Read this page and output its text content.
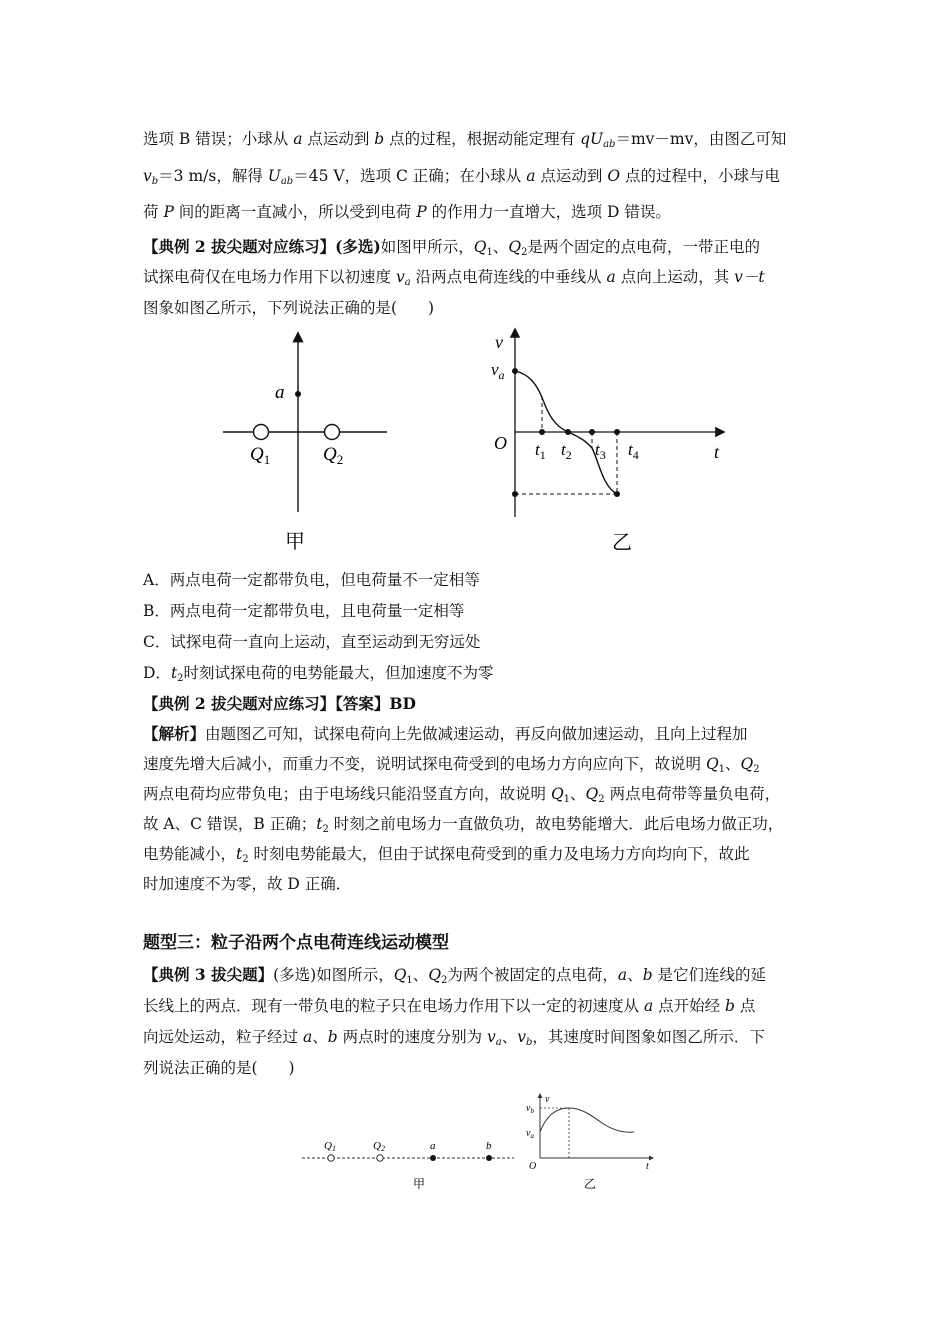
选项 B 错误；小球从 a 点运动到 b 点的过程，根据动能定理有 $qU_{ab}=mv-mv$，由图乙可知
$v_b=3$ m/s，解得 $U_{ab}=45$ V，选项 C 正确；在小球从 a 点运动到 O 点的过程中，小球与电
荷 P 间的距离一直减小，所以受到电荷 P 的作用力一直增大，选项 D 错误。
【典例 2 拔尖题对应练习】(多选)如图甲所示，$Q_1$、$Q_2$是两个固定的点电荷，一带正电的
试探电荷仅在电场力作用下以初速度 $v_a$ 沿两点电荷连线的中垂线从 a 点向上运动，其 v－t
图象如图乙所示，下列说法正确的是(　　)
a
$Q_1$	$Q_2$
甲
v
$v_a$
O	t
$t_1$ $t_2$ $t_3$ $t_4$
乙
A．两点电荷一定都带负电，但电荷量不一定相等
B．两点电荷一定都带负电，且电荷量一定相等
C．试探电荷一直向上运动，直至运动到无穷远处
D．$t_2$时刻试探电荷的电势能最大，但加速度不为零
【典例 2 拔尖题对应练习】【答案】BD
【解析】由题图乙可知，试探电荷向上先做减速运动，再反向做加速运动，且向上过程加
速度先增大后减小，而重力不变，说明试探电荷受到的电场力方向应向下，故说明 $Q_1$、$Q_2$
两点电荷均应带负电；由于电场线只能沿竖直方向，故说明 $Q_1$、$Q_2$ 两点电荷带等量负电荷，
故 A、C 错误，B 正确；$t_2$ 时刻之前电场力一直做负功，故电势能增大．此后电场力做正功，
电势能减小，$t_2$ 时刻电势能最大，但由于试探电荷受到的重力及电场力方向均向下，故此
时加速度不为零，故 D 正确．
题型三：粒子沿两个点电荷连线运动模型
【典例 3 拔尖题】(多选)如图所示，$Q_1$、$Q_2$为两个被固定的点电荷，a、b 是它们连线的延
长线上的两点．现有一带负电的粒子只在电场力作用下以一定的初速度从 a 点开始经 b 点
向远处运动，粒子经过 a、b 两点时的速度分别为 $v_a$、$v_b$，其速度时间图象如图乙所示．下
列说法正确的是(　　)
Q1	Q2	a	b
甲
v
$v_b$
$v_a$
O	t
乙
